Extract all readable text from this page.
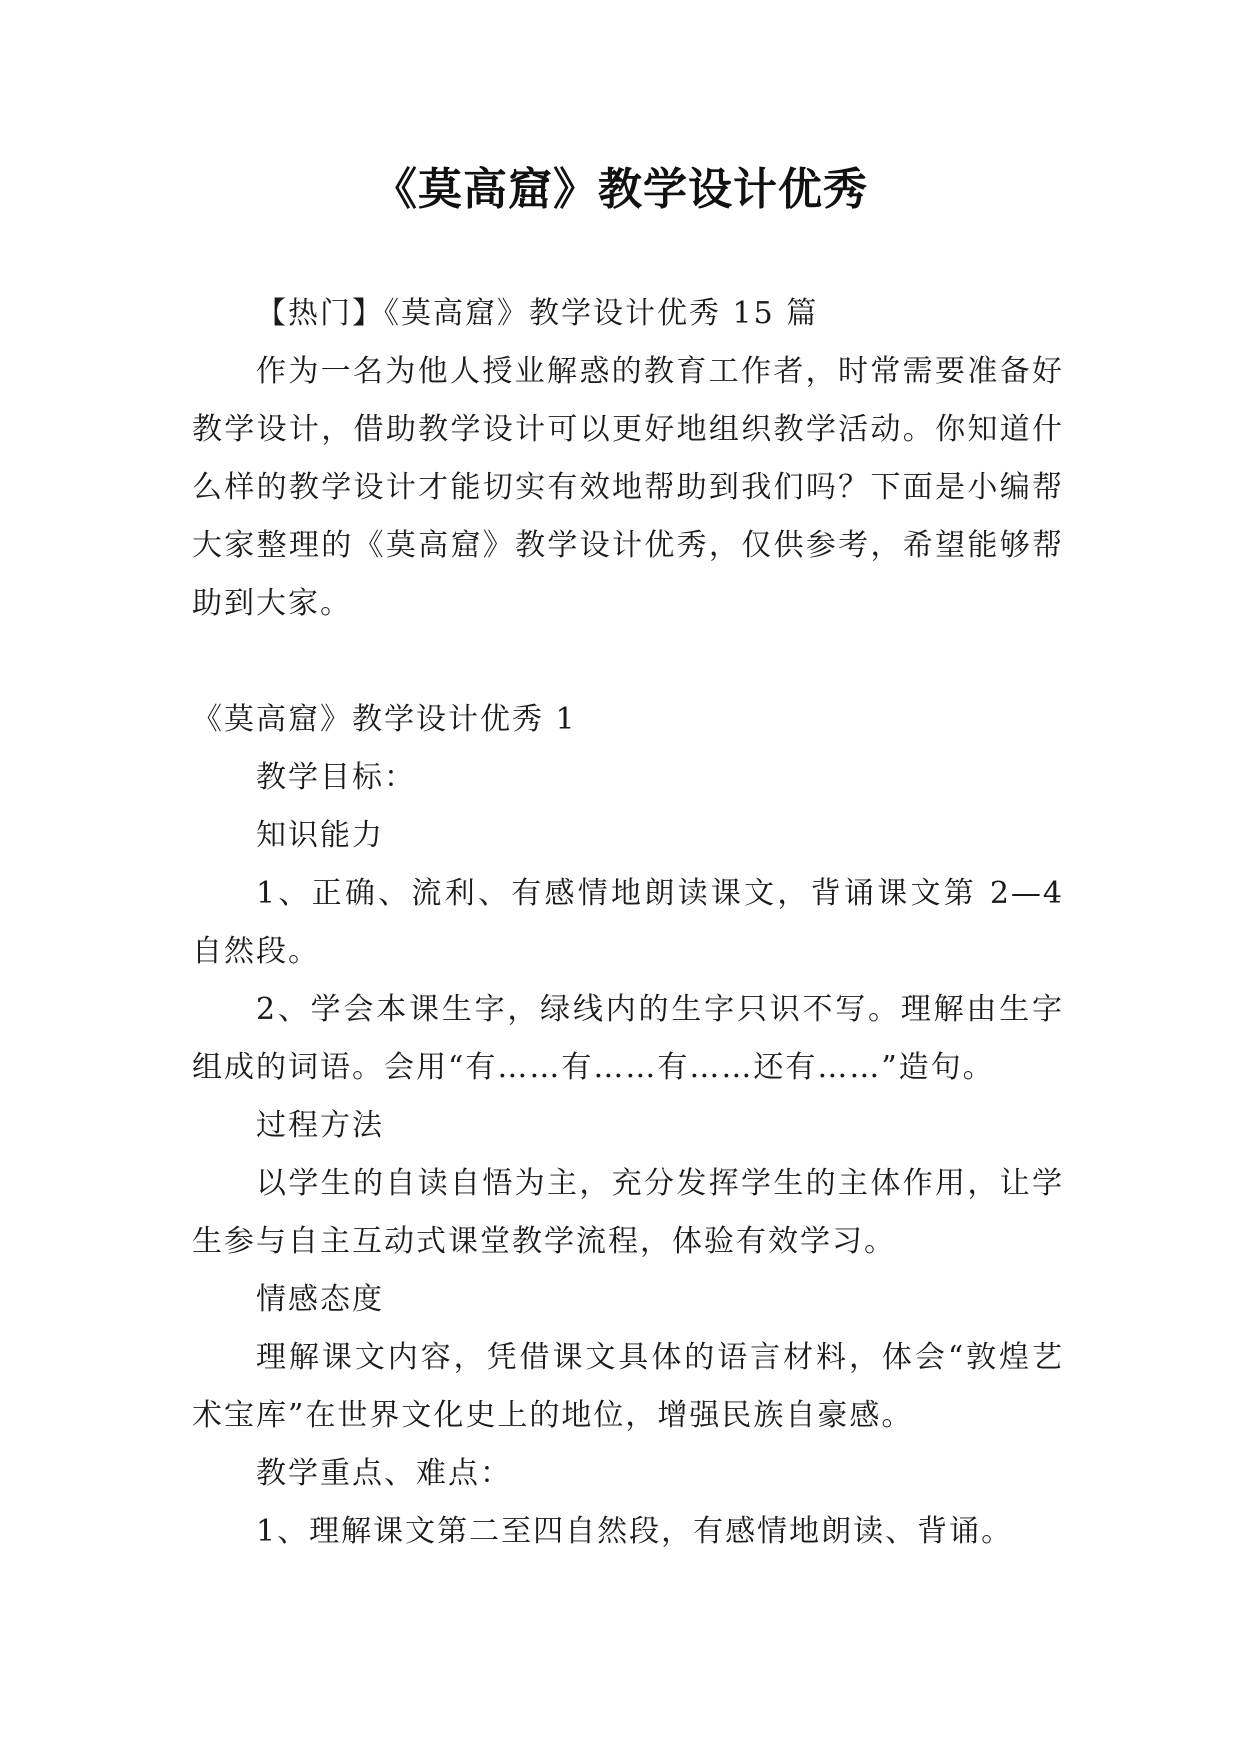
《莫高窟》教学设计优秀

【热门】《莫高窟》教学设计优秀 15 篇

作为一名为他人授业解惑的教育工作者，时常需要准备好教学设计，借助教学设计可以更好地组织教学活动。你知道什么样的教学设计才能切实有效地帮助到我们吗？下面是小编帮大家整理的《莫高窟》教学设计优秀，仅供参考，希望能够帮助到大家。

《莫高窟》教学设计优秀 1

教学目标：

知识能力

1、正确、流利、有感情地朗读课文，背诵课文第 2—4 自然段。

2、学会本课生字，绿线内的生字只识不写。理解由生字组成的词语。会用“有……有……有……还有……”造句。

过程方法

以学生的自读自悟为主，充分发挥学生的主体作用，让学生参与自主互动式课堂教学流程，体验有效学习。

情感态度

理解课文内容，凭借课文具体的语言材料，体会“敦煌艺术宝库”在世界文化史上的地位，增强民族自豪感。

教学重点、难点：

1、理解课文第二至四自然段，有感情地朗读、背诵。
